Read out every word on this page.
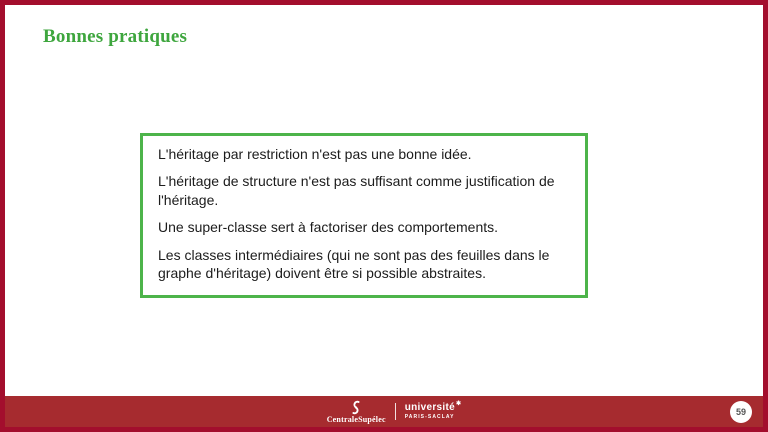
Bonnes pratiques

L'héritage par restriction n'est pas une bonne idée.

L'héritage de structure n'est pas suffisant comme justification de l'héritage.

Une super-classe sert à factoriser des comportements.

Les classes intermédiaires (qui ne sont pas des feuilles dans le graphe d'héritage) doivent être si possible abstraites.

CentraleSupélec
université ✱
PARIS-SACLAY
59
